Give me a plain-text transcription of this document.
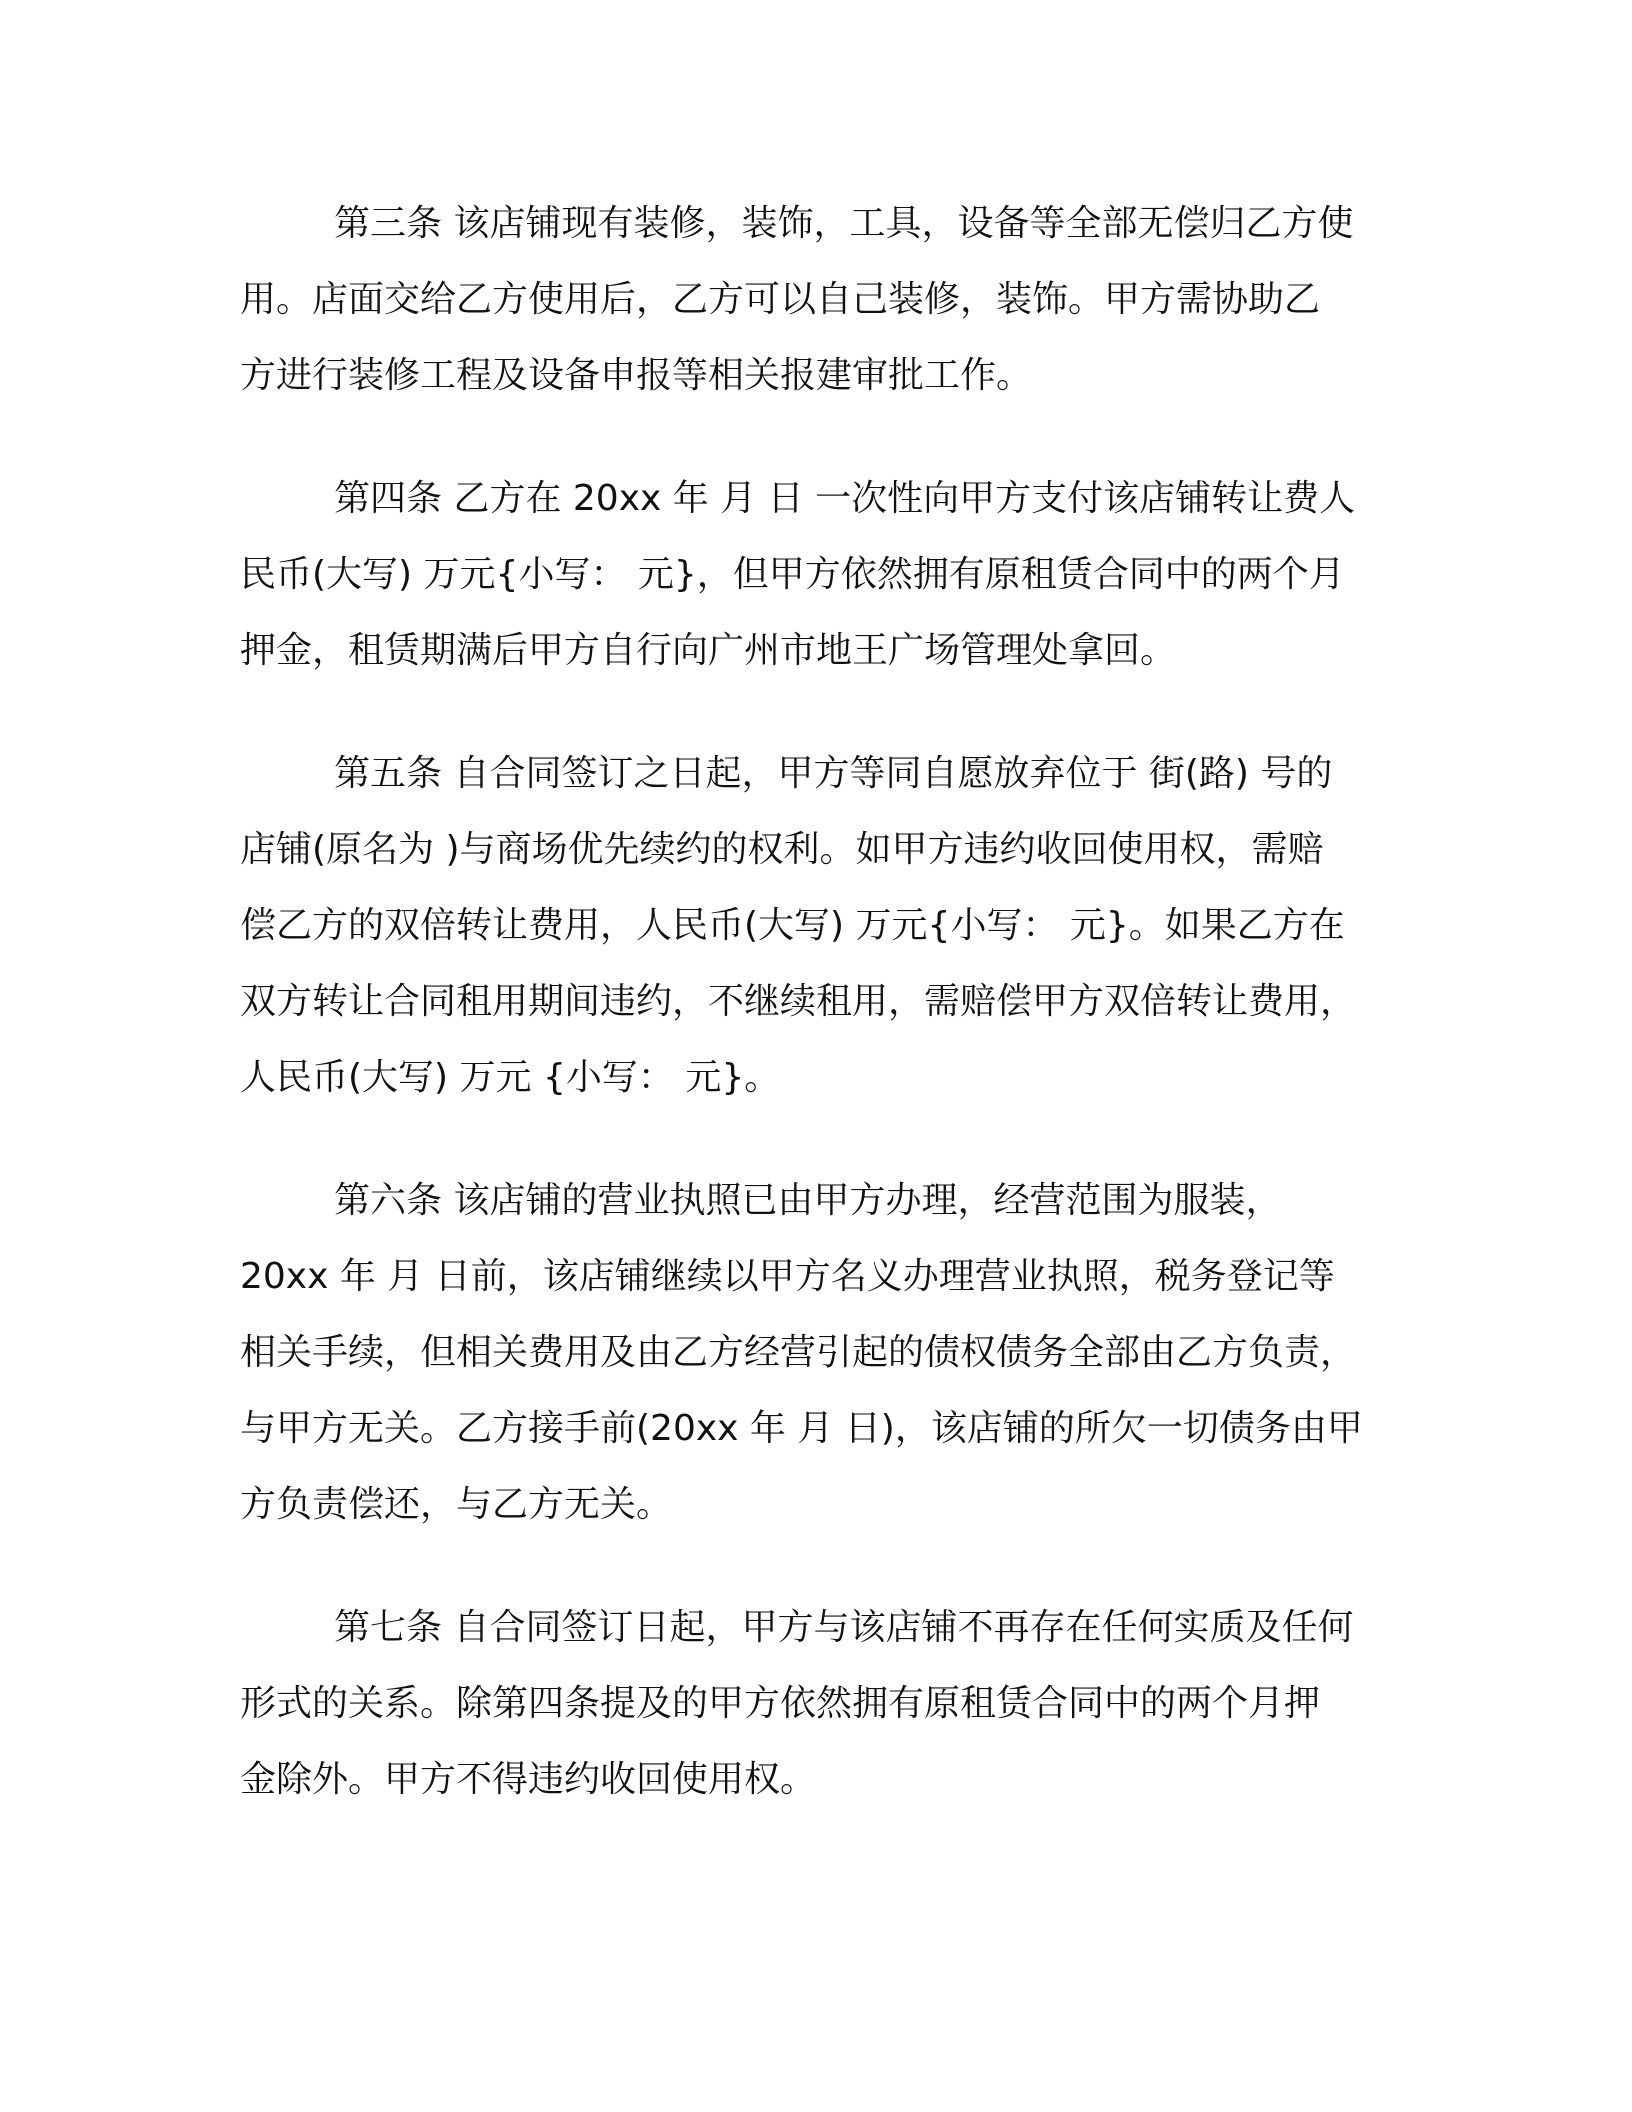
第三条 该店铺现有装修，装饰，工具，设备等全部无偿归乙方使
用。店面交给乙方使用后，乙方可以自己装修，装饰。甲方需协助乙
方进行装修工程及设备申报等相关报建审批工作。

第四条 乙方在 20xx 年 月 日 一次性向甲方支付该店铺转让费人
民币(大写) 万元{小写： 元}，但甲方依然拥有原租赁合同中的两个月
押金，租赁期满后甲方自行向广州市地王广场管理处拿回。

第五条 自合同签订之日起，甲方等同自愿放弃位于 街(路) 号的
店铺(原名为 )与商场优先续约的权利。如甲方违约收回使用权，需赔
偿乙方的双倍转让费用，人民币(大写) 万元{小写： 元}。如果乙方在
双方转让合同租用期间违约，不继续租用，需赔偿甲方双倍转让费用，
人民币(大写) 万元 {小写： 元}。

第六条 该店铺的营业执照已由甲方办理，经营范围为服装，
20xx 年 月 日前，该店铺继续以甲方名义办理营业执照，税务登记等
相关手续，但相关费用及由乙方经营引起的债权债务全部由乙方负责，
与甲方无关。乙方接手前(20xx 年 月 日)，该店铺的所欠一切债务由甲
方负责偿还，与乙方无关。

第七条 自合同签订日起，甲方与该店铺不再存在任何实质及任何
形式的关系。除第四条提及的甲方依然拥有原租赁合同中的两个月押
金除外。甲方不得违约收回使用权。
